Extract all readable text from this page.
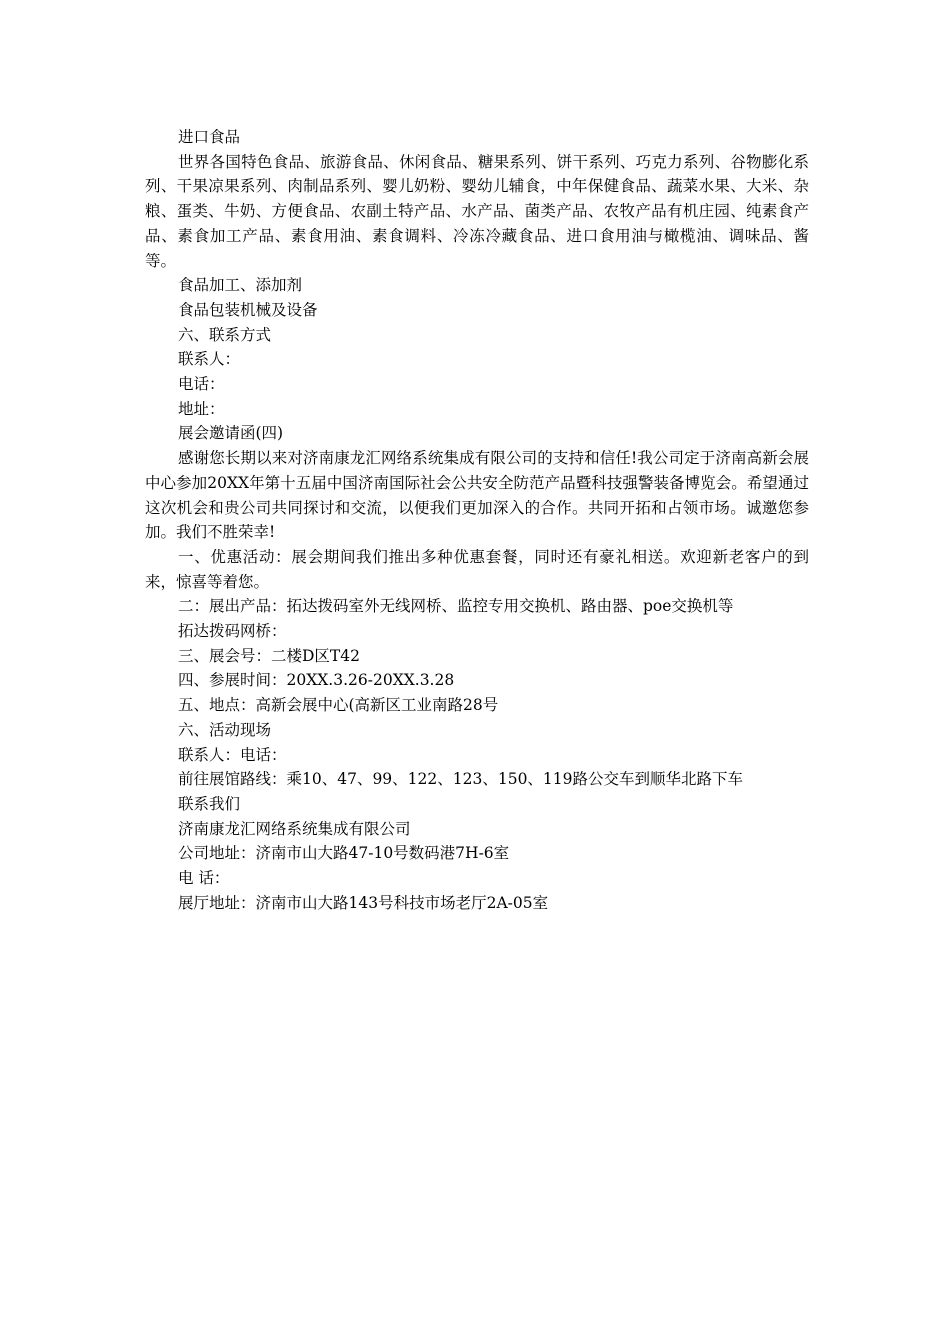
进口食品

世界各国特色食品、旅游食品、休闲食品、糖果系列、饼干系列、巧克力系列、谷物膨化系列、干果凉果系列、肉制品系列、婴儿奶粉、婴幼儿辅食，中年保健食品、蔬菜水果、大米、杂粮、蛋类、牛奶、方便食品、农副土特产品、水产品、菌类产品、农牧产品有机庄园、纯素食产品、素食加工产品、素食用油、素食调料、冷冻冷藏食品、进口食用油与橄榄油、调味品、酱等。

食品加工、添加剂

食品包装机械及设备

六、联系方式

联系人：

电话：

地址：

展会邀请函(四)

感谢您长期以来对济南康龙汇网络系统集成有限公司的支持和信任!我公司定于济南高新会展中心参加20XX年第十五届中国济南国际社会公共安全防范产品暨科技强警装备博览会。希望通过这次机会和贵公司共同探讨和交流，以便我们更加深入的合作。共同开拓和占领市场。诚邀您参加。我们不胜荣幸!

一、优惠活动：展会期间我们推出多种优惠套餐，同时还有豪礼相送。欢迎新老客户的到来，惊喜等着您。

二：展出产品：拓达拨码室外无线网桥、监控专用交换机、路由器、poe交换机等

拓达拨码网桥：

三、展会号：二楼D区T42

四、参展时间：20XX.3.26-20XX.3.28

五、地点：高新会展中心(高新区工业南路28号

六、活动现场

联系人：电话：

前往展馆路线：乘10、47、99、122、123、150、119路公交车到顺华北路下车

联系我们

济南康龙汇网络系统集成有限公司

公司地址：济南市山大路47-10号数码港7H-6室

电 话：

展厅地址：济南市山大路143号科技市场老厅2A-05室
